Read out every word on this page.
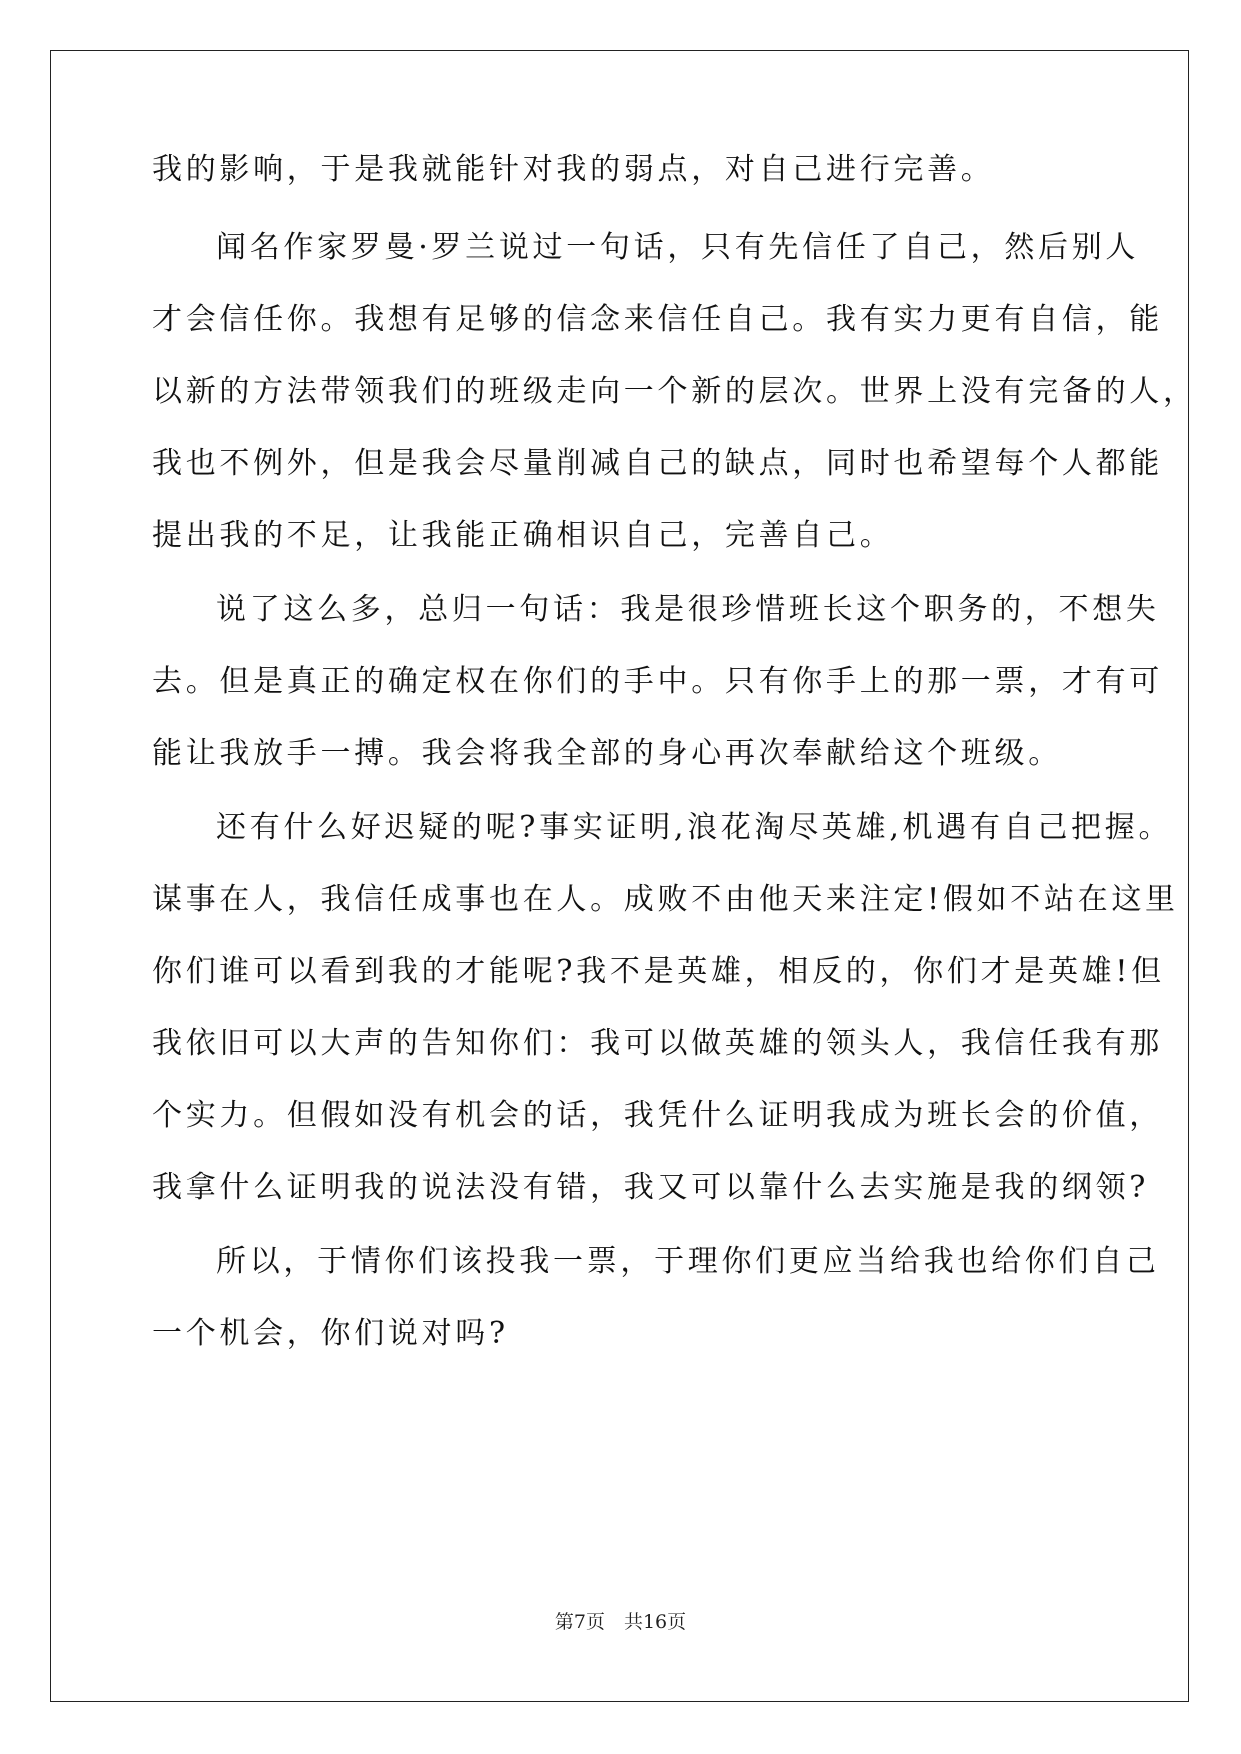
我的影响，于是我就能针对我的弱点，对自己进行完善。
闻名作家罗曼·罗兰说过一句话，只有先信任了自己，然后别人
才会信任你。我想有足够的信念来信任自己。我有实力更有自信，能
以新的方法带领我们的班级走向一个新的层次。世界上没有完备的人，
我也不例外，但是我会尽量削减自己的缺点，同时也希望每个人都能
提出我的不足，让我能正确相识自己，完善自己。
说了这么多，总归一句话：我是很珍惜班长这个职务的，不想失
去。但是真正的确定权在你们的手中。只有你手上的那一票，才有可
能让我放手一搏。我会将我全部的身心再次奉献给这个班级。
还有什么好迟疑的呢?事实证明,浪花淘尽英雄,机遇有自己把握。
谋事在人，我信任成事也在人。成败不由他天来注定!假如不站在这里
你们谁可以看到我的才能呢?我不是英雄，相反的，你们才是英雄!但
我依旧可以大声的告知你们：我可以做英雄的领头人，我信任我有那
个实力。但假如没有机会的话，我凭什么证明我成为班长会的价值，
我拿什么证明我的说法没有错，我又可以靠什么去实施是我的纲领?
所以，于情你们该投我一票，于理你们更应当给我也给你们自己
一个机会，你们说对吗?
第7页　共16页
